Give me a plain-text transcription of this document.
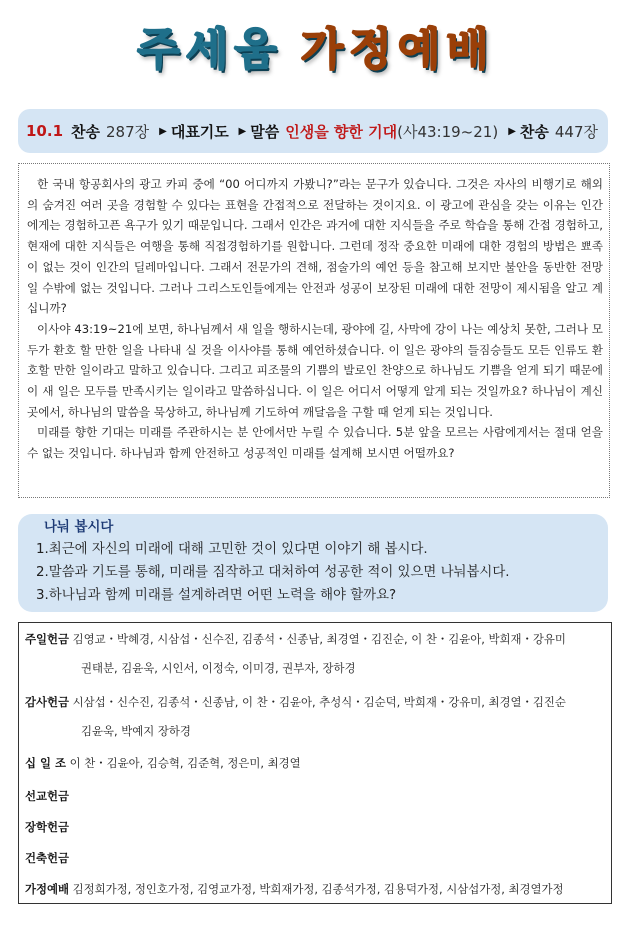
주세움 가정예배
10.1 찬송 287장 ▶ 대표기도 ▶ 말씀 인생을 향한 기대 (사43:19~21) ▶ 찬송 447장

한 국내 항공회사의 광고 카피 중에 “00 어디까지 가봤니?”라는 문구가 있습니다. 그것은 자사의 비행기로 해외의 숨겨진 여러 곳을 경험할 수 있다는 표현을 간접적으로 전달하는 것이지요. 이 광고에 관심을 갖는 이유는 인간에게는 경험하고픈 욕구가 있기 때문입니다. 그래서 인간은 과거에 대한 지식들을 주로 학습을 통해 간접 경험하고, 현재에 대한 지식들은 여행을 통해 직접경험하기를 원합니다. 그런데 정작 중요한 미래에 대한 경험의 방법은 뾰족이 없는 것이 인간의 딜레마입니다. 그래서 전문가의 견해, 점술가의 예언 등을 참고해 보지만 불안을 동반한 전망일 수밖에 없는 것입니다. 그러나 그리스도인들에게는 안전과 성공이 보장된 미래에 대한 전망이 제시됨을 알고 계십니까?

이사야 43:19~21에 보면, 하나님께서 새 일을 행하시는데, 광야에 길, 사막에 강이 나는 예상치 못한, 그러나 모두가 환호 할 만한 일을 나타내 실 것을 이사야를 통해 예언하셨습니다. 이 일은 광야의 들짐승들도 모든 인류도 환호할 만한 일이라고 말하고 있습니다. 그리고 피조물의 기쁨의 발로인 찬양으로 하나님도 기쁨을 얻게 되기 때문에 이 새 일은 모두를 만족시키는 일이라고 말씀하십니다. 이 일은 어디서 어떻게 알게 되는 것일까요? 하나님이 계신 곳에서, 하나님의 말씀을 묵상하고, 하나님께 기도하여 깨달음을 구할 때 얻게 되는 것입니다.

미래를 향한 기대는 미래를 주관하시는 분 안에서만 누릴 수 있습니다. 5분 앞을 모르는 사람에게서는 절대 얻을 수 없는 것입니다. 하나님과 함께 안전하고 성공적인 미래를 설계해 보시면 어떨까요?

나눠 봅시다
1.최근에 자신의 미래에 대해 고민한 것이 있다면 이야기 해 봅시다.
2.말씀과 기도를 통해, 미래를 짐작하고 대처하여 성공한 적이 있으면 나눠봅시다.
3.하나님과 함께 미래를 설계하려면 어떤 노력을 해야 할까요?
주일헌금 김영교・박혜경, 시삼섭・신수진, 김종석・신종남, 최경열・김진순, 이 찬・김윤아, 박희재・강유미
권태분, 김윤욱, 시인서, 이정숙, 이미경, 권부자, 장하경
감사헌금 시삼섭・신수진, 김종석・신종남, 이 찬・김윤아, 추성식・김순덕, 박희재・강유미, 최경열・김진순
김윤욱, 박예지 장하경
십 일 조 이 찬・김윤아, 김승혁, 김준혁, 정은미, 최경열
선교헌금
장학헌금
건축헌금
가정예배 김정희가정, 정인호가정, 김영교가정, 박희재가정, 김종석가정, 김용덕가정, 시삼섭가정, 최경열가정
